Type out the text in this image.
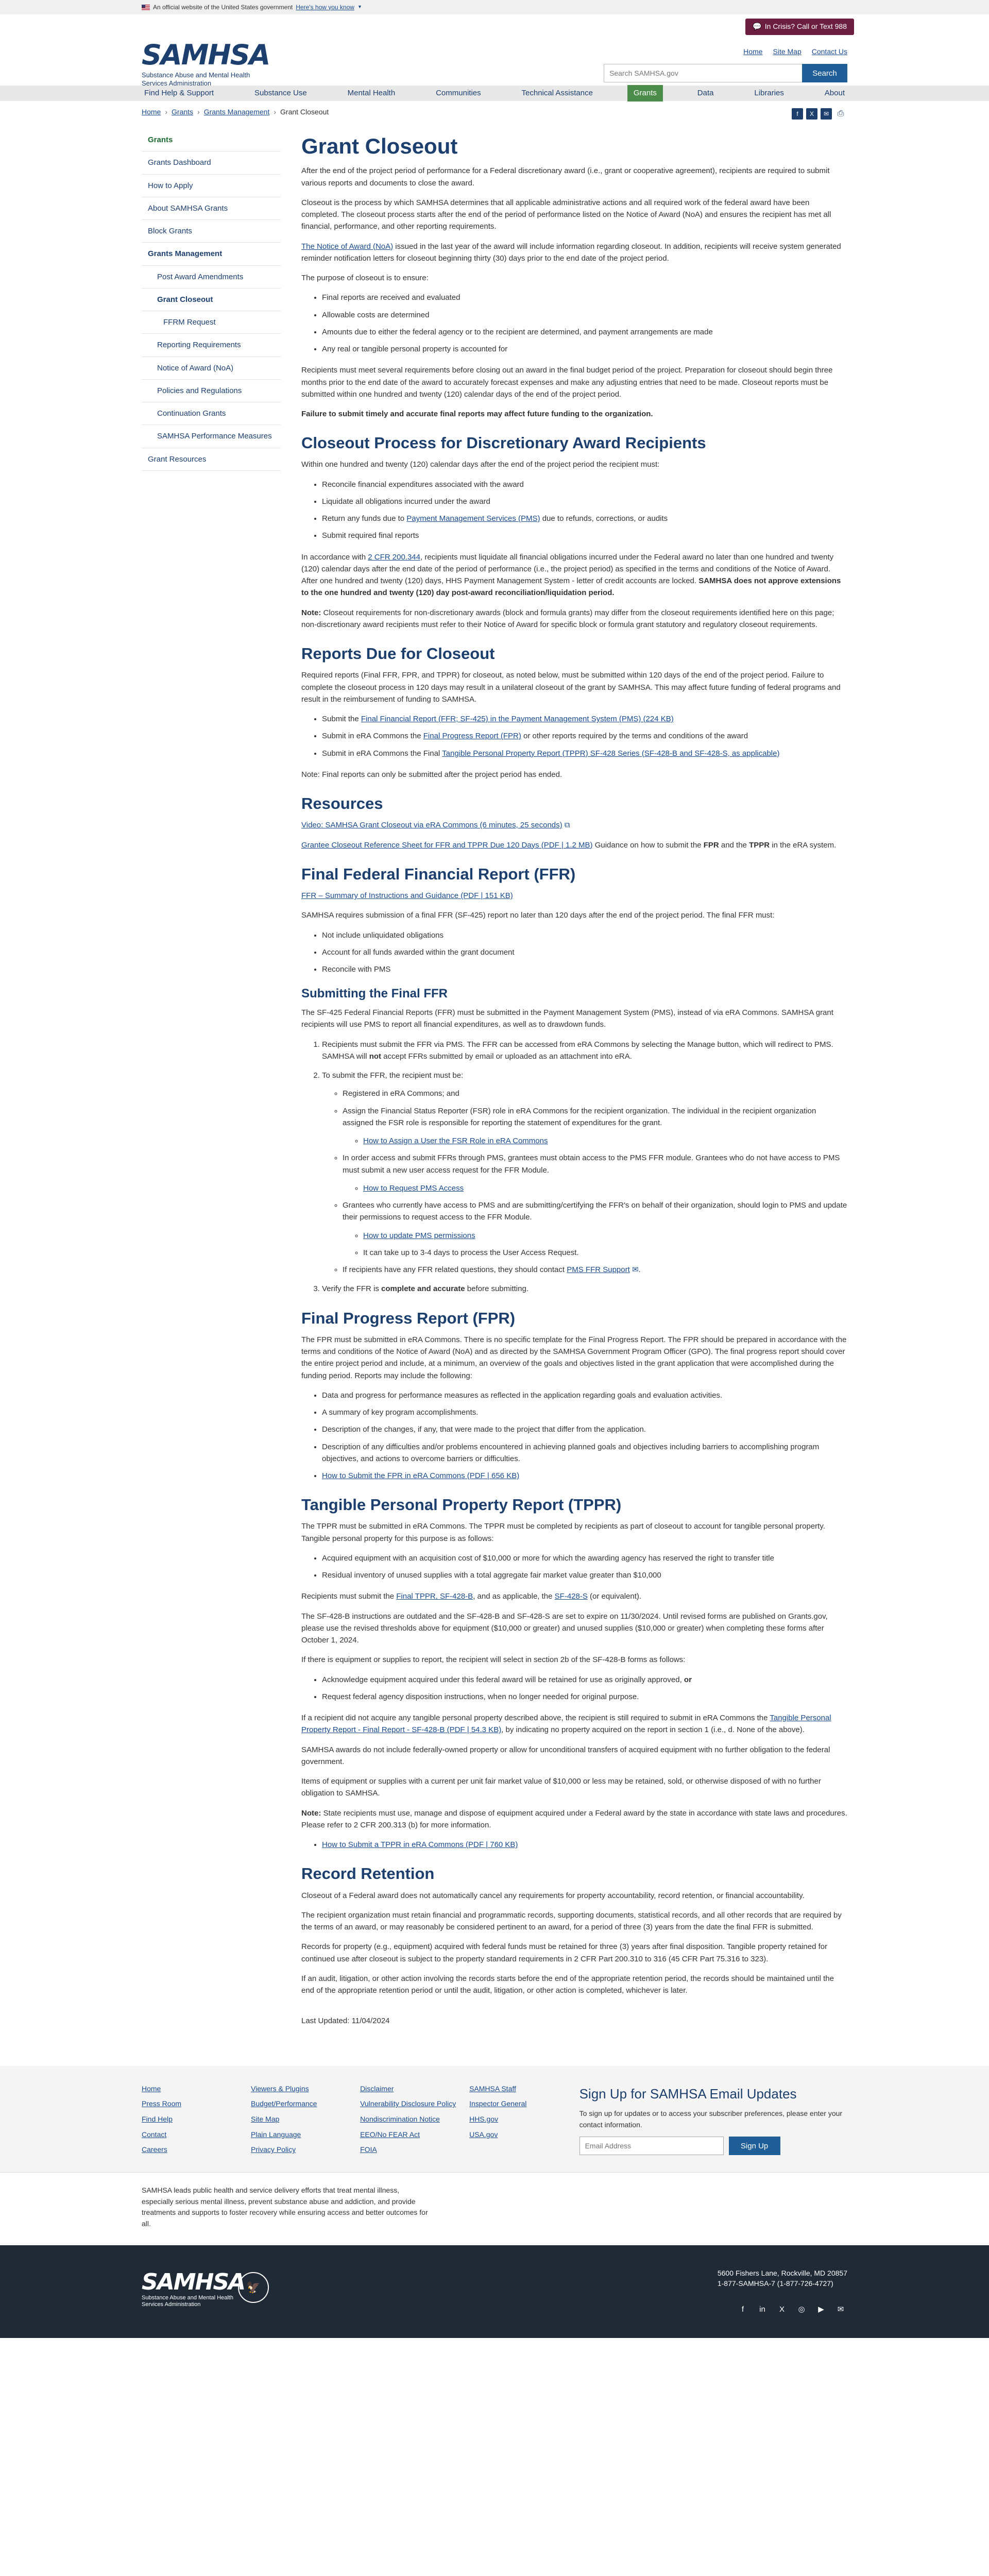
An official website of the United States government Here's how you know ▼
💬 In Crisis? Call or Text 988
SAMHSA
Substance Abuse and Mental Health
Services Administration
Home Site Map Contact Us
Search SAMHSA.gov
Search
Find Help & Support	Substance Use	Mental Health	Communities	Technical Assistance	Grants	Data	Libraries	About
Home › Grants › Grants Management › Grant Closeout	f	X	✉	⎙
Grants
Grants Dashboard
How to Apply
About SAMHSA Grants
Block Grants
Grants Management
Post Award Amendments
Grant Closeout
FFRM Request
Reporting Requirements
Notice of Award (NoA)
Policies and Regulations
Continuation Grants
SAMHSA Performance Measures
Grant Resources
Grant Closeout

After the end of the project period of performance for a Federal discretionary award (i.e., grant or cooperative agreement), recipients are required to submit various reports and documents to close the award.

Closeout is the process by which SAMHSA determines that all applicable administrative actions and all required work of the federal award have been completed. The closeout process starts after the end of the period of performance listed on the Notice of Award (NoA) and ensures the recipient has met all financial, performance, and other reporting requirements.

The Notice of Award (NoA) issued in the last year of the award will include information regarding closeout. In addition, recipients will receive system generated reminder notification letters for closeout beginning thirty (30) days prior to the end date of the project period.

The purpose of closeout is to ensure:

• Final reports are received and evaluated
• Allowable costs are determined
• Amounts due to either the federal agency or to the recipient are determined, and payment arrangements are made
• Any real or tangible personal property is accounted for

Recipients must meet several requirements before closing out an award in the final budget period of the project. Preparation for closeout should begin three months prior to the end date of the award to accurately forecast expenses and make any adjusting entries that need to be made. Closeout reports must be submitted within one hundred and twenty (120) calendar days of the end of the project period.

Failure to submit timely and accurate final reports may affect future funding to the organization.

Closeout Process for Discretionary Award Recipients

Within one hundred and twenty (120) calendar days after the end of the project period the recipient must:

• Reconcile financial expenditures associated with the award
• Liquidate all obligations incurred under the award
• Return any funds due to Payment Management Services (PMS) due to refunds, corrections, or audits
• Submit required final reports

In accordance with 2 CFR 200.344, recipients must liquidate all financial obligations incurred under the Federal award no later than one hundred and twenty (120) calendar days after the end date of the period of performance (i.e., the project period) as specified in the terms and conditions of the Notice of Award. After one hundred and twenty (120) days, HHS Payment Management System - letter of credit accounts are locked. SAMHSA does not approve extensions to the one hundred and twenty (120) day post-award reconciliation/liquidation period.

Note: Closeout requirements for non-discretionary awards (block and formula grants) may differ from the closeout requirements identified here on this page; non-discretionary award recipients must refer to their Notice of Award for specific block or formula grant statutory and regulatory closeout requirements.

Reports Due for Closeout

Required reports (Final FFR, FPR, and TPPR) for closeout, as noted below, must be submitted within 120 days of the end of the project period. Failure to complete the closeout process in 120 days may result in a unilateral closeout of the grant by SAMHSA. This may affect future funding of federal programs and result in the reimbursement of funding to SAMHSA.

• Submit the Final Financial Report (FFR; SF-425) in the Payment Management System (PMS) (224 KB)
• Submit in eRA Commons the Final Progress Report (FPR) or other reports required by the terms and conditions of the award
• Submit in eRA Commons the Final Tangible Personal Property Report (TPPR) SF-428 Series (SF-428-B and SF-428-S, as applicable)

Note: Final reports can only be submitted after the project period has ended.

Resources

Video: SAMHSA Grant Closeout via eRA Commons (6 minutes, 25 seconds) ⧉

Grantee Closeout Reference Sheet for FFR and TPPR Due 120 Days (PDF | 1.2 MB) Guidance on how to submit the FPR and the TPPR in the eRA system.

Final Federal Financial Report (FFR)

FFR – Summary of Instructions and Guidance (PDF | 151 KB)

SAMHSA requires submission of a final FFR (SF-425) report no later than 120 days after the end of the project period. The final FFR must:

• Not include unliquidated obligations
• Account for all funds awarded within the grant document
• Reconcile with PMS
Submitting the Final FFR

The SF-425 Federal Financial Reports (FFR) must be submitted in the Payment Management System (PMS), instead of via eRA Commons. SAMHSA grant recipients will use PMS to report all financial expenditures, as well as to drawdown funds.

1. Recipients must submit the FFR via PMS. The FFR can be accessed from eRA Commons by selecting the Manage button, which will redirect to PMS. SAMHSA will not accept FFRs submitted by email or uploaded as an attachment into eRA.
2. To submit the FFR, the recipient must be:
◦ Registered in eRA Commons; and
◦ Assign the Financial Status Reporter (FSR) role in eRA Commons for the recipient organization. The individual in the recipient organization assigned the FSR role is responsible for reporting the statement of expenditures for the grant.
◦ How to Assign a User the FSR Role in eRA Commons
◦ In order access and submit FFRs through PMS, grantees must obtain access to the PMS FFR module. Grantees who do not have access to PMS must submit a new user access request for the FFR Module.
◦ How to Request PMS Access
◦ Grantees who currently have access to PMS and are submitting/certifying the FFR's on behalf of their organization, should login to PMS and update their permissions to request access to the FFR Module.
◦ How to update PMS permissions
◦ It can take up to 3-4 days to process the User Access Request.
◦ If recipients have any FFR related questions, they should contact PMS FFR Support ✉.
3. Verify the FFR is complete and accurate before submitting.
Final Progress Report (FPR)

The FPR must be submitted in eRA Commons. There is no specific template for the Final Progress Report. The FPR should be prepared in accordance with the terms and conditions of the Notice of Award (NoA) and as directed by the SAMHSA Government Program Officer (GPO). The final progress report should cover the entire project period and include, at a minimum, an overview of the goals and objectives listed in the grant application that were accomplished during the funding period. Reports may include the following:

• Data and progress for performance measures as reflected in the application regarding goals and evaluation activities.
• A summary of key program accomplishments.
• Description of the changes, if any, that were made to the project that differ from the application.
• Description of any difficulties and/or problems encountered in achieving planned goals and objectives including barriers to accomplishing program objectives, and actions to overcome barriers or difficulties.
• How to Submit the FPR in eRA Commons (PDF | 656 KB)
Tangible Personal Property Report (TPPR)

The TPPR must be submitted in eRA Commons. The TPPR must be completed by recipients as part of closeout to account for tangible personal property. Tangible personal property for this purpose is as follows:

• Acquired equipment with an acquisition cost of $10,000 or more for which the awarding agency has reserved the right to transfer title
• Residual inventory of unused supplies with a total aggregate fair market value greater than $10,000

Recipients must submit the Final TPPR, SF-428-B, and as applicable, the SF-428-S (or equivalent).

The SF-428-B instructions are outdated and the SF-428-B and SF-428-S are set to expire on 11/30/2024. Until revised forms are published on Grants.gov, please use the revised thresholds above for equipment ($10,000 or greater) and unused supplies ($10,000 or greater) when completing these forms after October 1, 2024.

If there is equipment or supplies to report, the recipient will select in section 2b of the SF-428-B forms as follows:

• Acknowledge equipment acquired under this federal award will be retained for use as originally approved, or
• Request federal agency disposition instructions, when no longer needed for original purpose.

If a recipient did not acquire any tangible personal property described above, the recipient is still required to submit in eRA Commons the Tangible Personal Property Report - Final Report - SF-428-B (PDF | 54.3 KB), by indicating no property acquired on the report in section 1 (i.e., d. None of the above).

SAMHSA awards do not include federally-owned property or allow for unconditional transfers of acquired equipment with no further obligation to the federal government.

Items of equipment or supplies with a current per unit fair market value of $10,000 or less may be retained, sold, or otherwise disposed of with no further obligation to SAMHSA.

Note: State recipients must use, manage and dispose of equipment acquired under a Federal award by the state in accordance with state laws and procedures. Please refer to 2 CFR 200.313 (b) for more information.

• How to Submit a TPPR in eRA Commons (PDF | 760 KB)
Record Retention

Closeout of a Federal award does not automatically cancel any requirements for property accountability, record retention, or financial accountability.

The recipient organization must retain financial and programmatic records, supporting documents, statistical records, and all other records that are required by the terms of an award, or may reasonably be considered pertinent to an award, for a period of three (3) years from the date the final FFR is submitted.

Records for property (e.g., equipment) acquired with federal funds must be retained for three (3) years after final disposition. Tangible property retained for continued use after closeout is subject to the property standard requirements in 2 CFR Part 200.310 to 316 (45 CFR Part 75.316 to 323).

If an audit, litigation, or other action involving the records starts before the end of the appropriate retention period, the records should be maintained until the end of the appropriate retention period or until the audit, litigation, or other action is completed, whichever is later.

Last Updated: 11/04/2024

Home
Press Room
Find Help
Contact
Careers
Viewers & Plugins
Budget/Performance
Site Map
Plain Language
Privacy Policy
Disclaimer
Vulnerability Disclosure Policy
Nondiscrimination Notice
EEO/No FEAR Act
FOIA
SAMHSA Staff
Inspector General
HHS.gov
USA.gov
Sign Up for SAMHSA Email Updates

To sign up for updates or to access your subscriber preferences, please enter your contact information.

Email Address
Sign Up

SAMHSA leads public health and service delivery efforts that treat mental illness, especially serious mental illness, prevent substance abuse and addiction, and provide treatments and supports to foster recovery while ensuring access and better outcomes for all.

SAMHSA
Substance Abuse and Mental Health
Services Administration
🦅
5600 Fishers Lane, Rockville, MD 20857
1-877-SAMHSA-7 (1-877-726-4727)
f	in	X	◎	▶	✉
